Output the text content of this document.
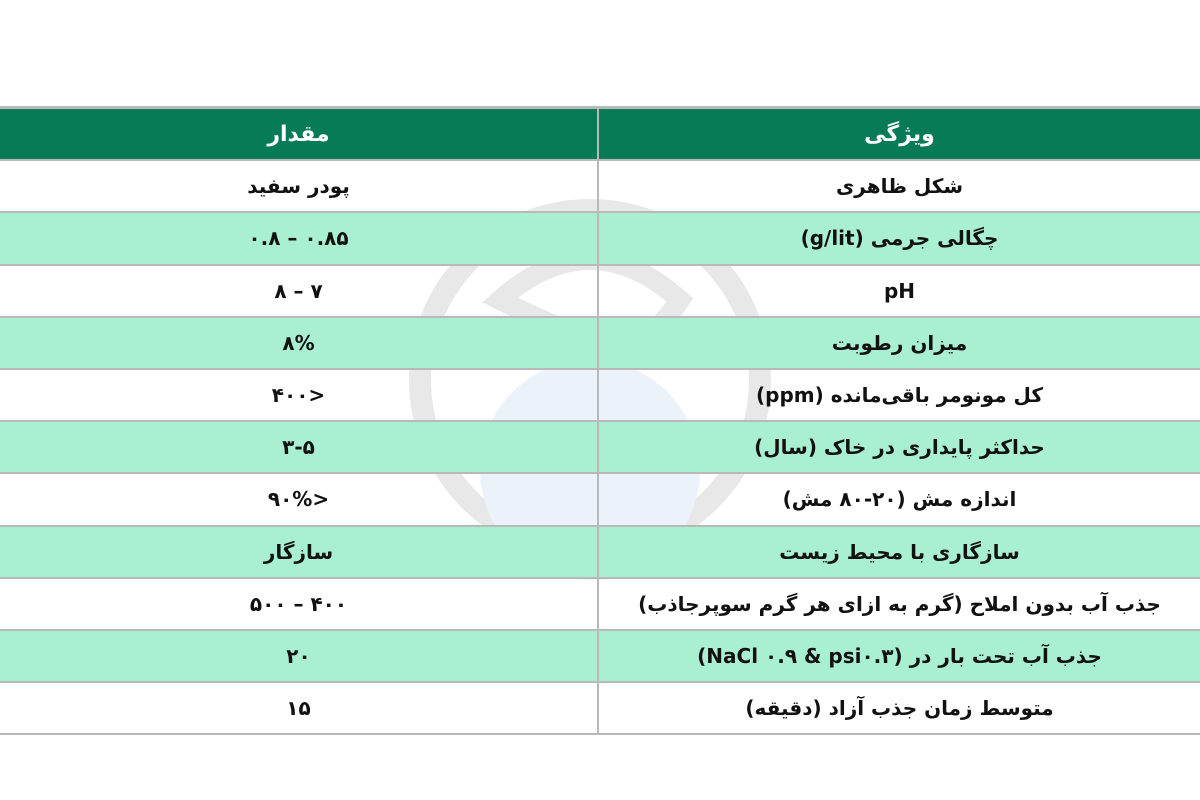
مقدار	ویژگی
پودر سفید	شکل ظاهری
۰.۸ – ۰.۸۵	چگالی جرمی (g/lit)
۸ – ۷	pH
۸%	میزان رطوبت
۴۰۰>	کل مونومر باقی‌مانده (ppm)
۳-۵	حداکثر پایداری در خاک (سال)
۹۰%>	اندازه مش (۲۰-۸۰ مش)
سازگار	سازگاری با محیط زیست
۵۰۰ – ۴۰۰	جذب آب بدون املاح (گرم به ازای هر گرم سوپرجاذب)
۲۰	جذب آب تحت بار در (NaCl ۰.۹ & psi۰.۳)
۱۵	متوسط زمان جذب آزاد (دقیقه)
